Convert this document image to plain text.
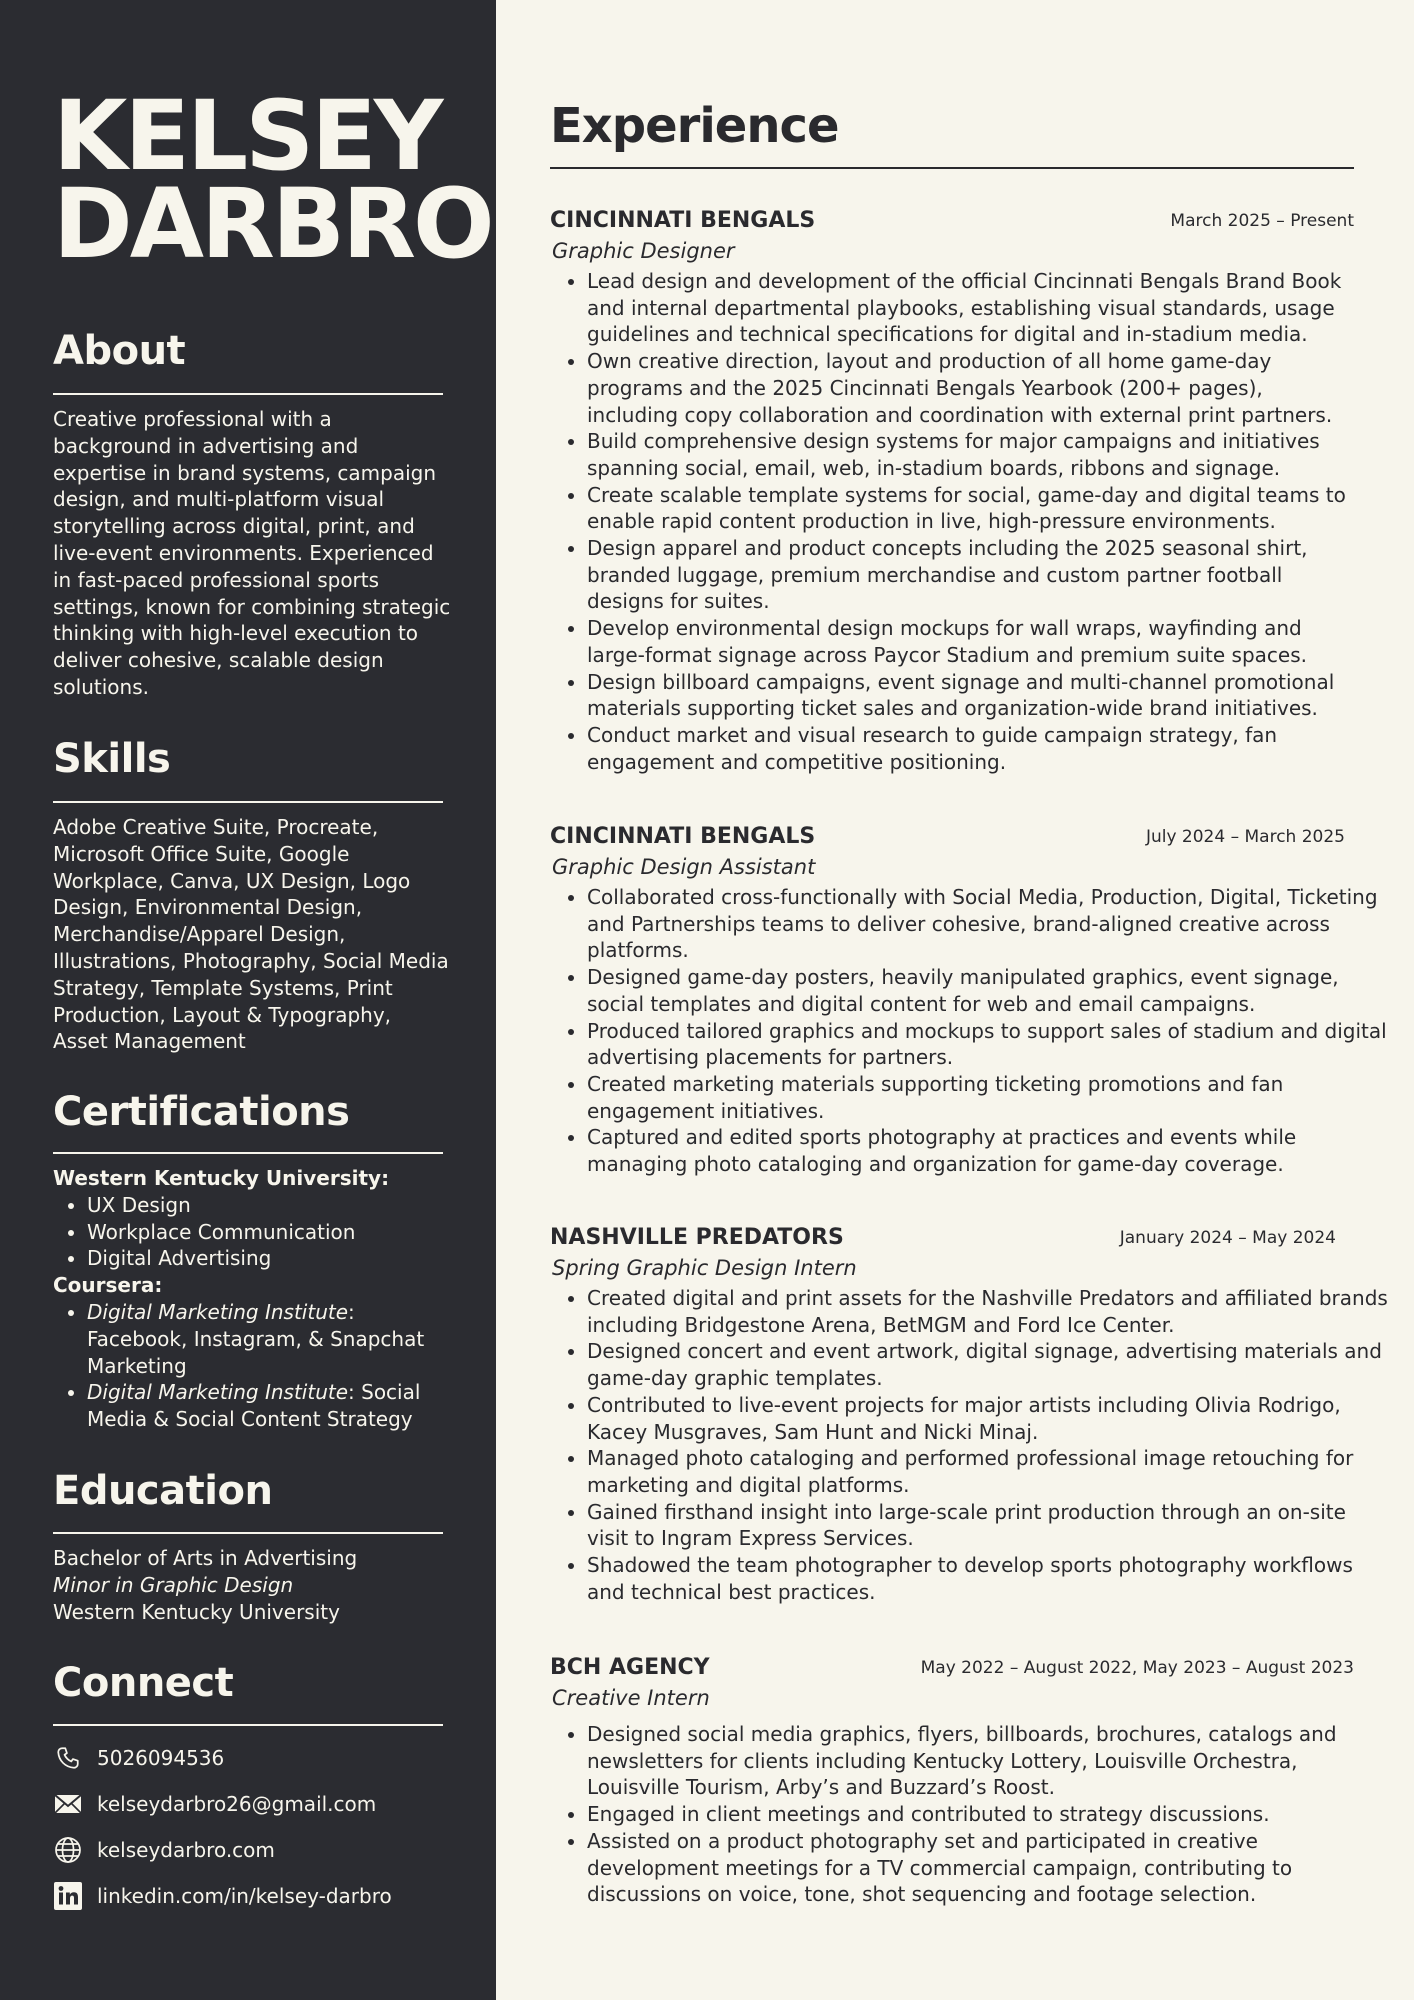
KELSEY
DARBRO
About

Creative professional with a background in advertising and expertise in brand systems, campaign design, and multi-platform visual storytelling across digital, print, and live-event environments. Experienced in fast-paced professional sports settings, known for combining strategic thinking with high-level execution to deliver cohesive, scalable design solutions.

Skills

Adobe Creative Suite, Procreate, Microsoft Office Suite, Google Workplace, Canva, UX Design, Logo Design, Environmental Design, Merchandise/Apparel Design, Illustrations, Photography, Social Media Strategy, Template Systems, Print Production, Layout & Typography, Asset Management

Certifications

Western Kentucky University:

• UX Design
• Workplace Communication
• Digital Advertising

Coursera:

• Digital Marketing Institute: Facebook, Instagram, & Snapchat Marketing
• Digital Marketing Institute: Social Media & Social Content Strategy
Education

Bachelor of Arts in Advertising

Minor in Graphic Design

Western Kentucky University

Connect
5026094536
kelseydarbro26@gmail.com
kelseydarbro.com
linkedin.com/in/kelsey-darbro
Experience
CINCINNATI BENGALS	March 2025 – Present

Graphic Designer

• Lead design and development of the official Cincinnati Bengals Brand Book and internal departmental playbooks, establishing visual standards, usage guidelines and technical specifications for digital and in-stadium media.
• Own creative direction, layout and production of all home game-day programs and the 2025 Cincinnati Bengals Yearbook (200+ pages), including copy collaboration and coordination with external print partners.
• Build comprehensive design systems for major campaigns and initiatives spanning social, email, web, in-stadium boards, ribbons and signage.
• Create scalable template systems for social, game-day and digital teams to enable rapid content production in live, high-pressure environments.
• Design apparel and product concepts including the 2025 seasonal shirt, branded luggage, premium merchandise and custom partner football designs for suites.
• Develop environmental design mockups for wall wraps, wayfinding and large-format signage across Paycor Stadium and premium suite spaces.
• Design billboard campaigns, event signage and multi-channel promotional materials supporting ticket sales and organization-wide brand initiatives.
• Conduct market and visual research to guide campaign strategy, fan engagement and competitive positioning.
CINCINNATI BENGALS	July 2024 – March 2025

Graphic Design Assistant

• Collaborated cross-functionally with Social Media, Production, Digital, Ticketing and Partnerships teams to deliver cohesive, brand-aligned creative across platforms.
• Designed game-day posters, heavily manipulated graphics, event signage, social templates and digital content for web and email campaigns.
• Produced tailored graphics and mockups to support sales of stadium and digital advertising placements for partners.
• Created marketing materials supporting ticketing promotions and fan engagement initiatives.
• Captured and edited sports photography at practices and events while managing photo cataloging and organization for game-day coverage.
NASHVILLE PREDATORS	January 2024 – May 2024

Spring Graphic Design Intern

• Created digital and print assets for the Nashville Predators and affiliated brands including Bridgestone Arena, BetMGM and Ford Ice Center.
• Designed concert and event artwork, digital signage, advertising materials and game-day graphic templates.
• Contributed to live-event projects for major artists including Olivia Rodrigo, Kacey Musgraves, Sam Hunt and Nicki Minaj.
• Managed photo cataloging and performed professional image retouching for marketing and digital platforms.
• Gained firsthand insight into large-scale print production through an on-site visit to Ingram Express Services.
• Shadowed the team photographer to develop sports photography workflows and technical best practices.
BCH AGENCY	May 2022 – August 2022, May 2023 – August 2023

Creative Intern

• Designed social media graphics, flyers, billboards, brochures, catalogs and newsletters for clients including Kentucky Lottery, Louisville Orchestra, Louisville Tourism, Arby’s and Buzzard’s Roost.
• Engaged in client meetings and contributed to strategy discussions.
• Assisted on a product photography set and participated in creative development meetings for a TV commercial campaign, contributing to discussions on voice, tone, shot sequencing and footage selection.
